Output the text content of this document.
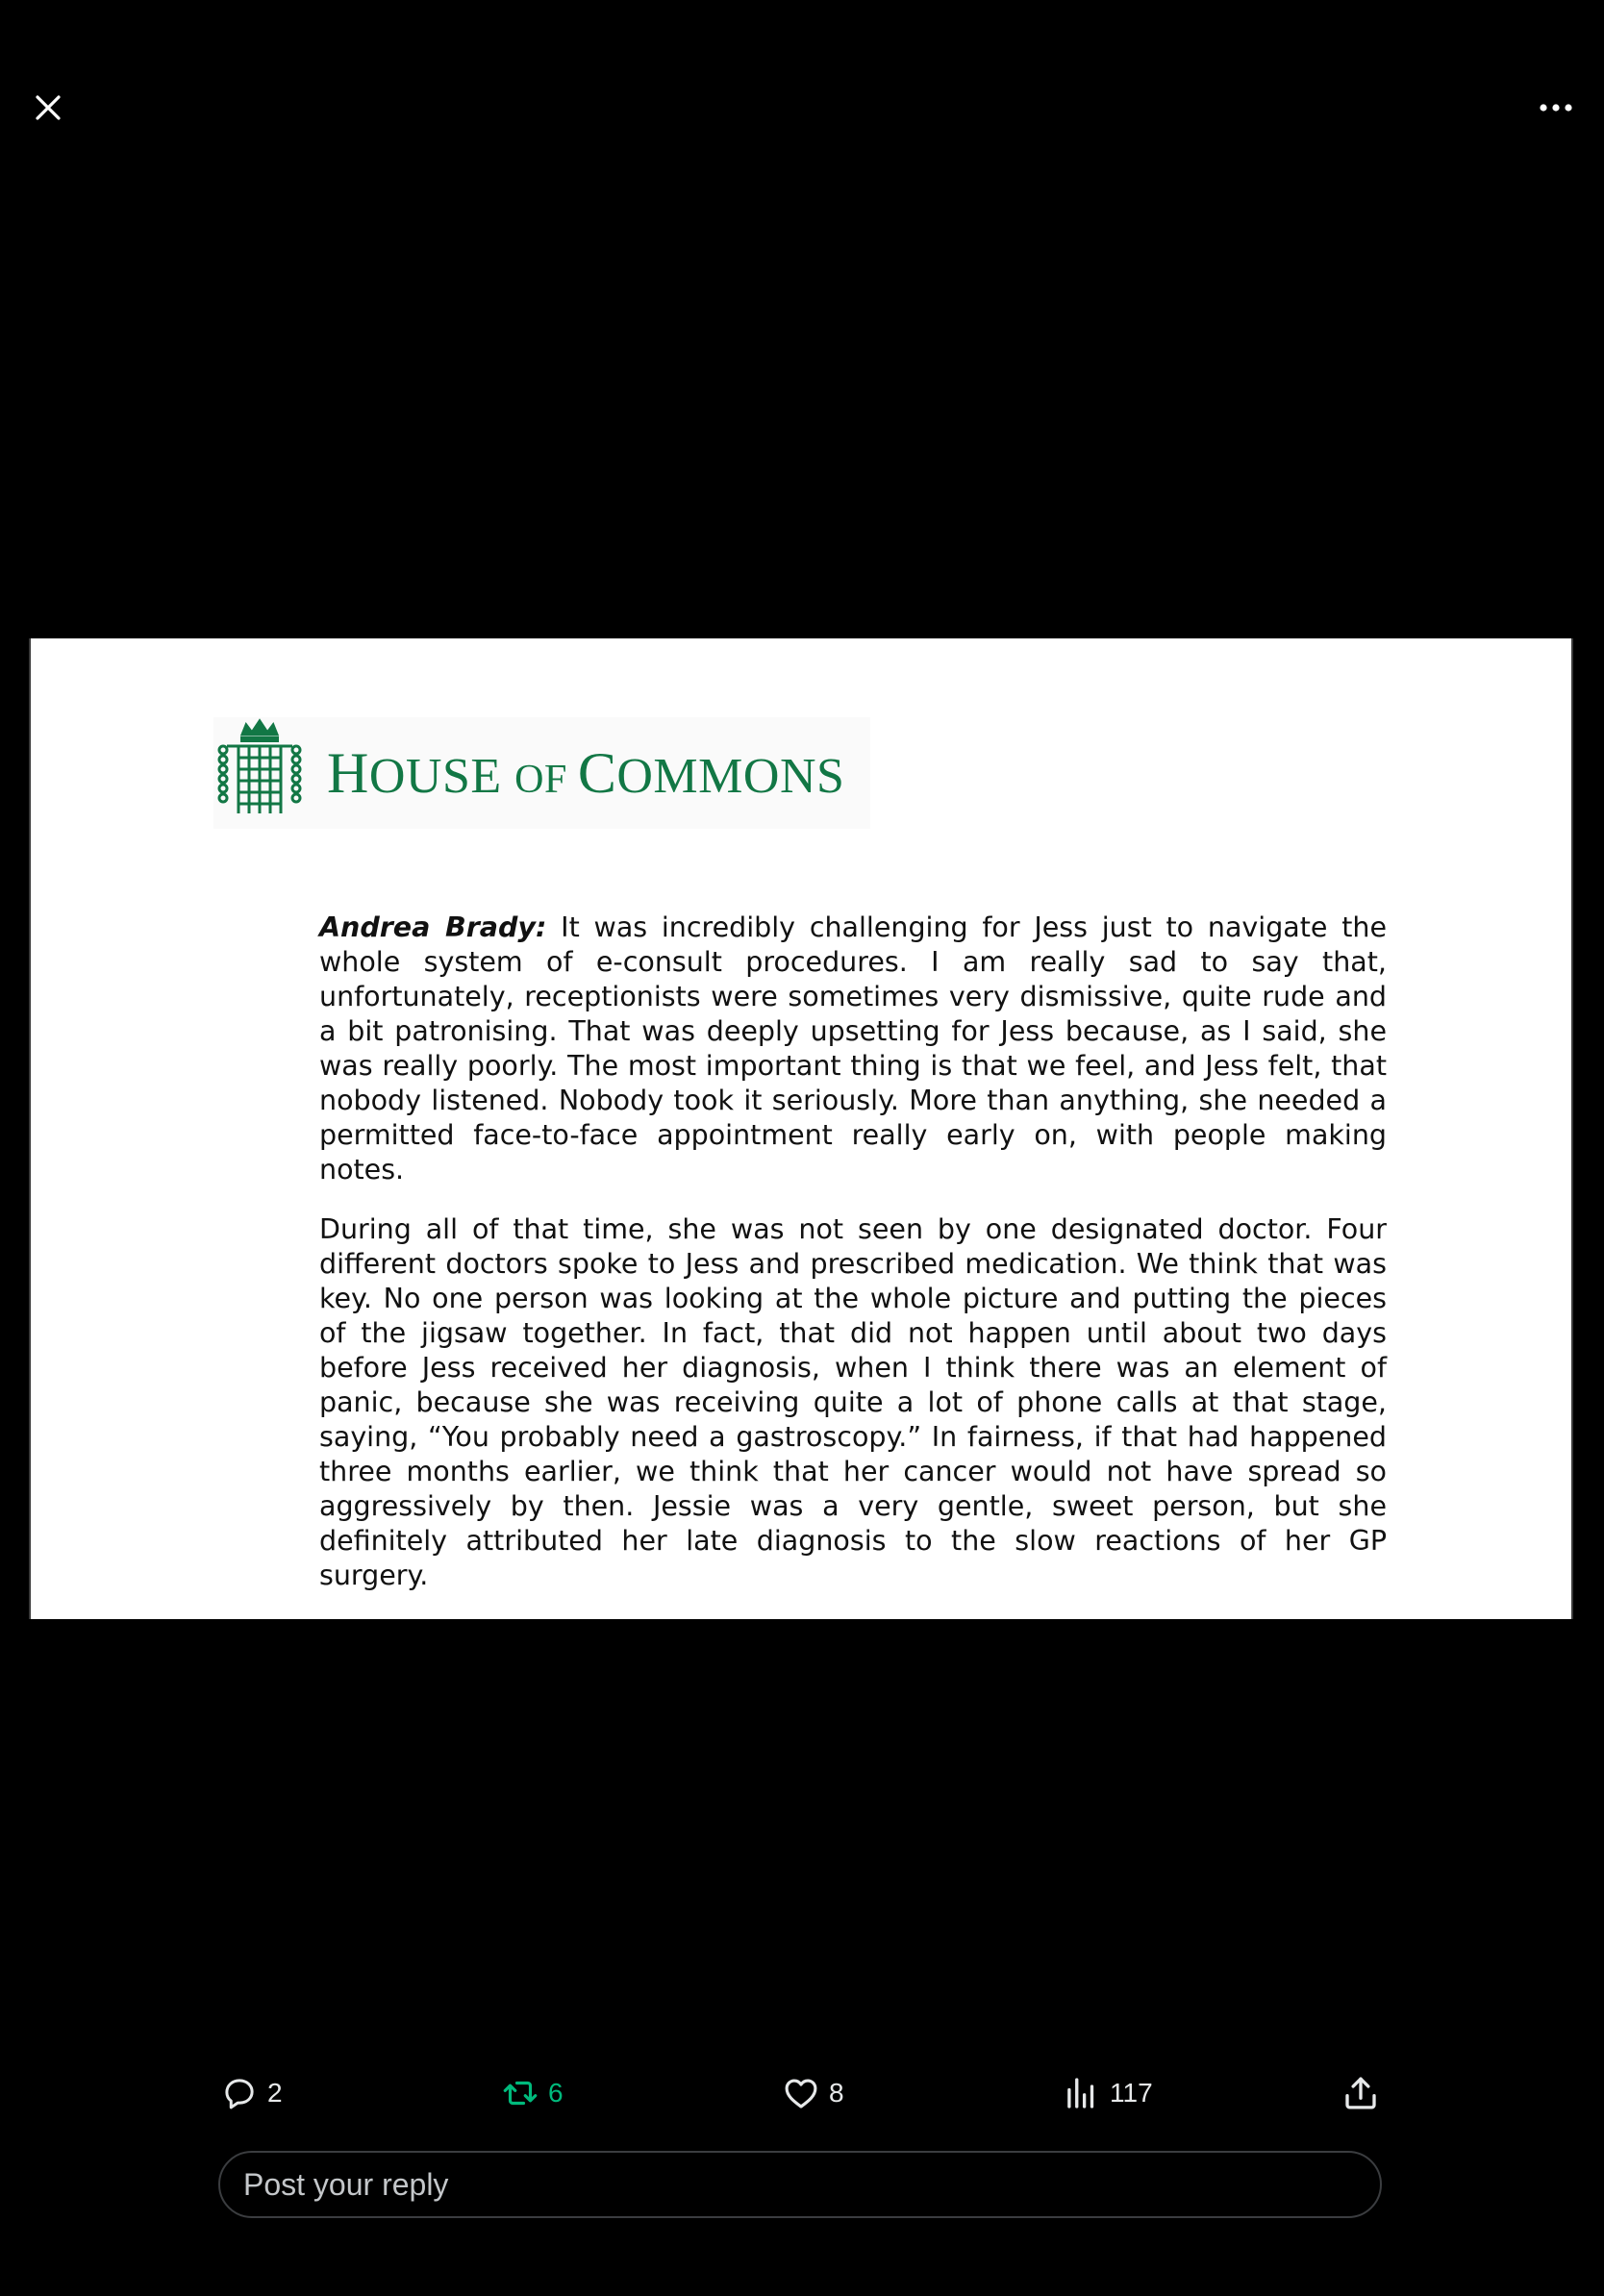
HOUSE OF COMMONS

Andrea Brady: It was incredibly challenging for Jess just to navigate the whole system of e-consult procedures. I am really sad to say that, unfortunately, receptionists were sometimes very dismissive, quite rude and a bit patronising. That was deeply upsetting for Jess because, as I said, she was really poorly. The most important thing is that we feel, and Jess felt, that nobody listened. Nobody took it seriously. More than anything, she needed a permitted face-to-face appointment really early on, with people making notes.

During all of that time, she was not seen by one designated doctor. Four different doctors spoke to Jess and prescribed medication. We think that was key. No one person was looking at the whole picture and putting the pieces of the jigsaw together. In fact, that did not happen until about two days before Jess received her diagnosis, when I think there was an element of panic, because she was receiving quite a lot of phone calls at that stage, saying, “You probably need a gastroscopy.” In fairness, if that had happened three months earlier, we think that her cancer would not have spread so aggressively by then. Jessie was a very gentle, sweet person, but she definitely attributed her late diagnosis to the slow reactions of her GP surgery.

2	6	8	117
Post your reply
